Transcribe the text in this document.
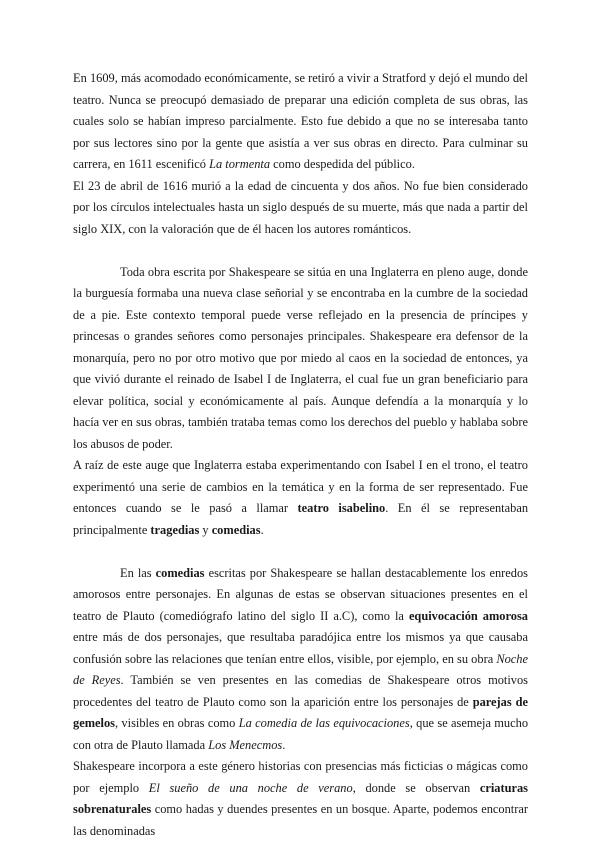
En 1609, más acomodado económicamente, se retiró a vivir a Stratford y dejó el mundo del teatro. Nunca se preocupó demasiado de preparar una edición completa de sus obras, las cuales solo se habían impreso parcialmente. Esto fue debido a que no se interesaba tanto por sus lectores sino por la gente que asistía a ver sus obras en directo. Para culminar su carrera, en 1611 escenificó La tormenta como despedida del público.

El 23 de abril de 1616 murió a la edad de cincuenta y dos años. No fue bien considerado por los círculos intelectuales hasta un siglo después de su muerte, más que nada a partir del siglo XIX, con la valoración que de él hacen los autores románticos.

Toda obra escrita por Shakespeare se sitúa en una Inglaterra en pleno auge, donde la burguesía formaba una nueva clase señorial y se encontraba en la cumbre de la sociedad de a pie. Este contexto temporal puede verse reflejado en la presencia de príncipes y princesas o grandes señores como personajes principales. Shakespeare era defensor de la monarquía, pero no por otro motivo que por miedo al caos en la sociedad de entonces, ya que vivió durante el reinado de Isabel I de Inglaterra, el cual fue un gran beneficiario para elevar política, social y económicamente al país. Aunque defendía a la monarquía y lo hacía ver en sus obras, también trataba temas como los derechos del pueblo y hablaba sobre los abusos de poder.

A raíz de este auge que Inglaterra estaba experimentando con Isabel I en el trono, el teatro experimentó una serie de cambios en la temática y en la forma de ser representado. Fue entonces cuando se le pasó a llamar teatro isabelino. En él se representaban principalmente tragedias y comedias.

En las comedias escritas por Shakespeare se hallan destacablemente los enredos amorosos entre personajes. En algunas de estas se observan situaciones presentes en el teatro de Plauto (comediógrafo latino del siglo II a.C), como la equivocación amorosa entre más de dos personajes, que resultaba paradójica entre los mismos ya que causaba confusión sobre las relaciones que tenían entre ellos, visible, por ejemplo, en su obra Noche de Reyes. También se ven presentes en las comedias de Shakespeare otros motivos procedentes del teatro de Plauto como son la aparición entre los personajes de parejas de gemelos, visibles en obras como La comedia de las equivocaciones, que se asemeja mucho con otra de Plauto llamada Los Menecmos.

Shakespeare incorpora a este género historias con presencias más ficticias o mágicas como por ejemplo El sueño de una noche de verano, donde se observan criaturas sobrenaturales como hadas y duendes presentes en un bosque. Aparte, podemos encontrar las denominadas
